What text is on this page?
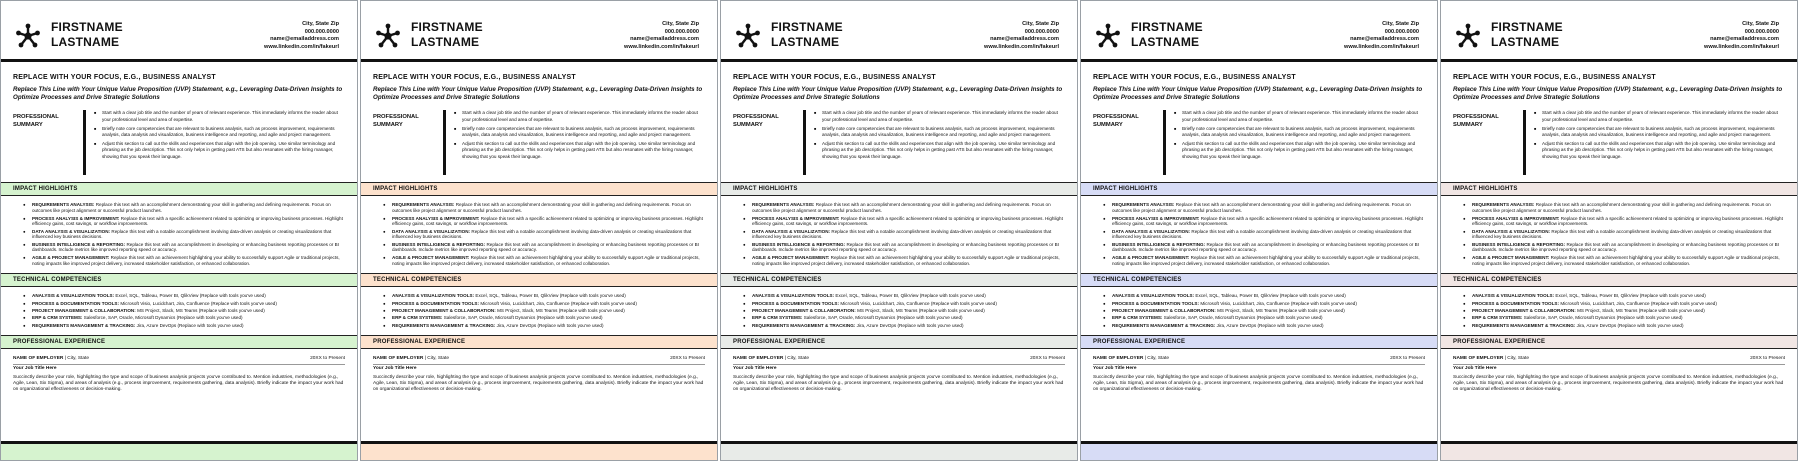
FIRSTNAME
LASTNAME
City, State Zip
000.000.0000
name@emailaddress.com
www.linkedin.com/in/fakeurl
REPLACE WITH YOUR FOCUS, E.G., BUSINESS ANALYST
Replace This Line with Your Unique Value Proposition (UVP) Statement, e.g., Leveraging Data-Driven Insights to Optimize Processes and Drive Strategic Solutions
PROFESSIONAL
SUMMARY
■ Start with a clear job title and the number of years of relevant experience. This immediately informs the reader about your professional level and area of expertise.
■ Briefly note core competencies that are relevant to business analysis, such as process improvement, requirements analysis, data analysis and visualization, business intelligence and reporting, and agile and project management.
■ Adjust this section to call out the skills and experiences that align with the job opening. Use similar terminology and phrasing as the job description. This not only helps in getting past ATS but also resonates with the hiring manager, showing that you speak their language.
IMPACT HIGHLIGHTS
● REQUIREMENTS ANALYSIS: Replace this text with an accomplishment demonstrating your skill in gathering and defining requirements. Focus on outcomes like project alignment or successful product launches.
● PROCESS ANALYSIS & IMPROVEMENT: Replace this text with a specific achievement related to optimizing or improving business processes. Highlight efficiency gains, cost savings, or workflow improvements.
● DATA ANALYSIS & VISUALIZATION: Replace this text with a notable accomplishment involving data-driven analysis or creating visualizations that influenced key business decisions.
● BUSINESS INTELLIGENCE & REPORTING: Replace this text with an accomplishment in developing or enhancing business reporting processes or BI dashboards. Include metrics like improved reporting speed or accuracy.
● AGILE & PROJECT MANAGEMENT: Replace this text with an achievement highlighting your ability to successfully support Agile or traditional projects, noting impacts like improved project delivery, increased stakeholder satisfaction, or enhanced collaboration.
TECHNICAL COMPETENCIES
● ANALYSIS & VISUALIZATION TOOLS: Excel, SQL, Tableau, Power BI, QlikView (Replace with tools you've used)
● PROCESS & DOCUMENTATION TOOLS: Microsoft Visio, Lucidchart, Jira, Confluence (Replace with tools you've used)
● PROJECT MANAGEMENT & COLLABORATION: MS Project, Slack, MS Teams (Replace with tools you've used)
● ERP & CRM SYSTEMS: Salesforce, SAP, Oracle, Microsoft Dynamics (Replace with tools you've used)
● REQUIREMENTS MANAGEMENT & TRACKING: Jira, Azure DevOps (Replace with tools you've used)
PROFESSIONAL EXPERIENCE
NAME OF EMPLOYER | City, State	20XX to Present
Your Job Title Here
Succinctly describe your role, highlighting the type and scope of business analysis projects you've contributed to. Mention industries, methodologies (e.g., Agile, Lean, Six Sigma), and areas of analysis (e.g., process improvement, requirements gathering, data analysis). Briefly indicate the impact your work had on organizational effectiveness or decision-making.
FIRSTNAME
LASTNAME
City, State Zip
000.000.0000
name@emailaddress.com
www.linkedin.com/in/fakeurl
REPLACE WITH YOUR FOCUS, E.G., BUSINESS ANALYST
Replace This Line with Your Unique Value Proposition (UVP) Statement, e.g., Leveraging Data-Driven Insights to Optimize Processes and Drive Strategic Solutions
PROFESSIONAL
SUMMARY
■ Start with a clear job title and the number of years of relevant experience. This immediately informs the reader about your professional level and area of expertise.
■ Briefly note core competencies that are relevant to business analysis, such as process improvement, requirements analysis, data analysis and visualization, business intelligence and reporting, and agile and project management.
■ Adjust this section to call out the skills and experiences that align with the job opening. Use similar terminology and phrasing as the job description. This not only helps in getting past ATS but also resonates with the hiring manager, showing that you speak their language.
IMPACT HIGHLIGHTS
● REQUIREMENTS ANALYSIS: Replace this text with an accomplishment demonstrating your skill in gathering and defining requirements. Focus on outcomes like project alignment or successful product launches.
● PROCESS ANALYSIS & IMPROVEMENT: Replace this text with a specific achievement related to optimizing or improving business processes. Highlight efficiency gains, cost savings, or workflow improvements.
● DATA ANALYSIS & VISUALIZATION: Replace this text with a notable accomplishment involving data-driven analysis or creating visualizations that influenced key business decisions.
● BUSINESS INTELLIGENCE & REPORTING: Replace this text with an accomplishment in developing or enhancing business reporting processes or BI dashboards. Include metrics like improved reporting speed or accuracy.
● AGILE & PROJECT MANAGEMENT: Replace this text with an achievement highlighting your ability to successfully support Agile or traditional projects, noting impacts like improved project delivery, increased stakeholder satisfaction, or enhanced collaboration.
TECHNICAL COMPETENCIES
● ANALYSIS & VISUALIZATION TOOLS: Excel, SQL, Tableau, Power BI, QlikView (Replace with tools you've used)
● PROCESS & DOCUMENTATION TOOLS: Microsoft Visio, Lucidchart, Jira, Confluence (Replace with tools you've used)
● PROJECT MANAGEMENT & COLLABORATION: MS Project, Slack, MS Teams (Replace with tools you've used)
● ERP & CRM SYSTEMS: Salesforce, SAP, Oracle, Microsoft Dynamics (Replace with tools you've used)
● REQUIREMENTS MANAGEMENT & TRACKING: Jira, Azure DevOps (Replace with tools you've used)
PROFESSIONAL EXPERIENCE
NAME OF EMPLOYER | City, State	20XX to Present
Your Job Title Here
Succinctly describe your role, highlighting the type and scope of business analysis projects you've contributed to. Mention industries, methodologies (e.g., Agile, Lean, Six Sigma), and areas of analysis (e.g., process improvement, requirements gathering, data analysis). Briefly indicate the impact your work had on organizational effectiveness or decision-making.
FIRSTNAME
LASTNAME
City, State Zip
000.000.0000
name@emailaddress.com
www.linkedin.com/in/fakeurl
REPLACE WITH YOUR FOCUS, E.G., BUSINESS ANALYST
Replace This Line with Your Unique Value Proposition (UVP) Statement, e.g., Leveraging Data-Driven Insights to Optimize Processes and Drive Strategic Solutions
PROFESSIONAL
SUMMARY
■ Start with a clear job title and the number of years of relevant experience. This immediately informs the reader about your professional level and area of expertise.
■ Briefly note core competencies that are relevant to business analysis, such as process improvement, requirements analysis, data analysis and visualization, business intelligence and reporting, and agile and project management.
■ Adjust this section to call out the skills and experiences that align with the job opening. Use similar terminology and phrasing as the job description. This not only helps in getting past ATS but also resonates with the hiring manager, showing that you speak their language.
IMPACT HIGHLIGHTS
● REQUIREMENTS ANALYSIS: Replace this text with an accomplishment demonstrating your skill in gathering and defining requirements. Focus on outcomes like project alignment or successful product launches.
● PROCESS ANALYSIS & IMPROVEMENT: Replace this text with a specific achievement related to optimizing or improving business processes. Highlight efficiency gains, cost savings, or workflow improvements.
● DATA ANALYSIS & VISUALIZATION: Replace this text with a notable accomplishment involving data-driven analysis or creating visualizations that influenced key business decisions.
● BUSINESS INTELLIGENCE & REPORTING: Replace this text with an accomplishment in developing or enhancing business reporting processes or BI dashboards. Include metrics like improved reporting speed or accuracy.
● AGILE & PROJECT MANAGEMENT: Replace this text with an achievement highlighting your ability to successfully support Agile or traditional projects, noting impacts like improved project delivery, increased stakeholder satisfaction, or enhanced collaboration.
TECHNICAL COMPETENCIES
● ANALYSIS & VISUALIZATION TOOLS: Excel, SQL, Tableau, Power BI, QlikView (Replace with tools you've used)
● PROCESS & DOCUMENTATION TOOLS: Microsoft Visio, Lucidchart, Jira, Confluence (Replace with tools you've used)
● PROJECT MANAGEMENT & COLLABORATION: MS Project, Slack, MS Teams (Replace with tools you've used)
● ERP & CRM SYSTEMS: Salesforce, SAP, Oracle, Microsoft Dynamics (Replace with tools you've used)
● REQUIREMENTS MANAGEMENT & TRACKING: Jira, Azure DevOps (Replace with tools you've used)
PROFESSIONAL EXPERIENCE
NAME OF EMPLOYER | City, State	20XX to Present
Your Job Title Here
Succinctly describe your role, highlighting the type and scope of business analysis projects you've contributed to. Mention industries, methodologies (e.g., Agile, Lean, Six Sigma), and areas of analysis (e.g., process improvement, requirements gathering, data analysis). Briefly indicate the impact your work had on organizational effectiveness or decision-making.
FIRSTNAME
LASTNAME
City, State Zip
000.000.0000
name@emailaddress.com
www.linkedin.com/in/fakeurl
REPLACE WITH YOUR FOCUS, E.G., BUSINESS ANALYST
Replace This Line with Your Unique Value Proposition (UVP) Statement, e.g., Leveraging Data-Driven Insights to Optimize Processes and Drive Strategic Solutions
PROFESSIONAL
SUMMARY
■ Start with a clear job title and the number of years of relevant experience. This immediately informs the reader about your professional level and area of expertise.
■ Briefly note core competencies that are relevant to business analysis, such as process improvement, requirements analysis, data analysis and visualization, business intelligence and reporting, and agile and project management.
■ Adjust this section to call out the skills and experiences that align with the job opening. Use similar terminology and phrasing as the job description. This not only helps in getting past ATS but also resonates with the hiring manager, showing that you speak their language.
IMPACT HIGHLIGHTS
● REQUIREMENTS ANALYSIS: Replace this text with an accomplishment demonstrating your skill in gathering and defining requirements. Focus on outcomes like project alignment or successful product launches.
● PROCESS ANALYSIS & IMPROVEMENT: Replace this text with a specific achievement related to optimizing or improving business processes. Highlight efficiency gains, cost savings, or workflow improvements.
● DATA ANALYSIS & VISUALIZATION: Replace this text with a notable accomplishment involving data-driven analysis or creating visualizations that influenced key business decisions.
● BUSINESS INTELLIGENCE & REPORTING: Replace this text with an accomplishment in developing or enhancing business reporting processes or BI dashboards. Include metrics like improved reporting speed or accuracy.
● AGILE & PROJECT MANAGEMENT: Replace this text with an achievement highlighting your ability to successfully support Agile or traditional projects, noting impacts like improved project delivery, increased stakeholder satisfaction, or enhanced collaboration.
TECHNICAL COMPETENCIES
● ANALYSIS & VISUALIZATION TOOLS: Excel, SQL, Tableau, Power BI, QlikView (Replace with tools you've used)
● PROCESS & DOCUMENTATION TOOLS: Microsoft Visio, Lucidchart, Jira, Confluence (Replace with tools you've used)
● PROJECT MANAGEMENT & COLLABORATION: MS Project, Slack, MS Teams (Replace with tools you've used)
● ERP & CRM SYSTEMS: Salesforce, SAP, Oracle, Microsoft Dynamics (Replace with tools you've used)
● REQUIREMENTS MANAGEMENT & TRACKING: Jira, Azure DevOps (Replace with tools you've used)
PROFESSIONAL EXPERIENCE
NAME OF EMPLOYER | City, State	20XX to Present
Your Job Title Here
Succinctly describe your role, highlighting the type and scope of business analysis projects you've contributed to. Mention industries, methodologies (e.g., Agile, Lean, Six Sigma), and areas of analysis (e.g., process improvement, requirements gathering, data analysis). Briefly indicate the impact your work had on organizational effectiveness or decision-making.
FIRSTNAME
LASTNAME
City, State Zip
000.000.0000
name@emailaddress.com
www.linkedin.com/in/fakeurl
REPLACE WITH YOUR FOCUS, E.G., BUSINESS ANALYST
Replace This Line with Your Unique Value Proposition (UVP) Statement, e.g., Leveraging Data-Driven Insights to Optimize Processes and Drive Strategic Solutions
PROFESSIONAL
SUMMARY
■ Start with a clear job title and the number of years of relevant experience. This immediately informs the reader about your professional level and area of expertise.
■ Briefly note core competencies that are relevant to business analysis, such as process improvement, requirements analysis, data analysis and visualization, business intelligence and reporting, and agile and project management.
■ Adjust this section to call out the skills and experiences that align with the job opening. Use similar terminology and phrasing as the job description. This not only helps in getting past ATS but also resonates with the hiring manager, showing that you speak their language.
IMPACT HIGHLIGHTS
● REQUIREMENTS ANALYSIS: Replace this text with an accomplishment demonstrating your skill in gathering and defining requirements. Focus on outcomes like project alignment or successful product launches.
● PROCESS ANALYSIS & IMPROVEMENT: Replace this text with a specific achievement related to optimizing or improving business processes. Highlight efficiency gains, cost savings, or workflow improvements.
● DATA ANALYSIS & VISUALIZATION: Replace this text with a notable accomplishment involving data-driven analysis or creating visualizations that influenced key business decisions.
● BUSINESS INTELLIGENCE & REPORTING: Replace this text with an accomplishment in developing or enhancing business reporting processes or BI dashboards. Include metrics like improved reporting speed or accuracy.
● AGILE & PROJECT MANAGEMENT: Replace this text with an achievement highlighting your ability to successfully support Agile or traditional projects, noting impacts like improved project delivery, increased stakeholder satisfaction, or enhanced collaboration.
TECHNICAL COMPETENCIES
● ANALYSIS & VISUALIZATION TOOLS: Excel, SQL, Tableau, Power BI, QlikView (Replace with tools you've used)
● PROCESS & DOCUMENTATION TOOLS: Microsoft Visio, Lucidchart, Jira, Confluence (Replace with tools you've used)
● PROJECT MANAGEMENT & COLLABORATION: MS Project, Slack, MS Teams (Replace with tools you've used)
● ERP & CRM SYSTEMS: Salesforce, SAP, Oracle, Microsoft Dynamics (Replace with tools you've used)
● REQUIREMENTS MANAGEMENT & TRACKING: Jira, Azure DevOps (Replace with tools you've used)
PROFESSIONAL EXPERIENCE
NAME OF EMPLOYER | City, State	20XX to Present
Your Job Title Here
Succinctly describe your role, highlighting the type and scope of business analysis projects you've contributed to. Mention industries, methodologies (e.g., Agile, Lean, Six Sigma), and areas of analysis (e.g., process improvement, requirements gathering, data analysis). Briefly indicate the impact your work had on organizational effectiveness or decision-making.
